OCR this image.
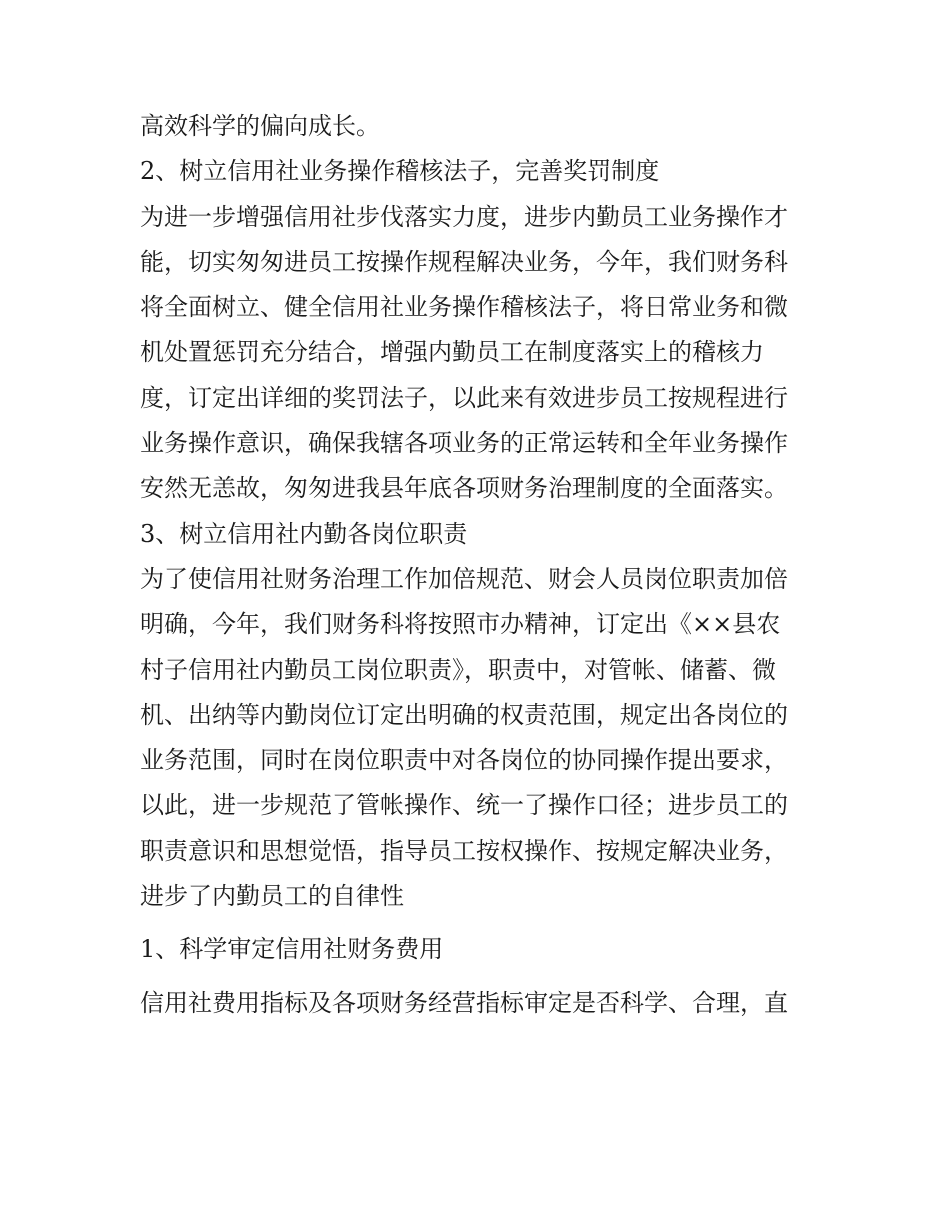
高效科学的偏向成长。
2、树立信用社业务操作稽核法子，完善奖罚制度
为进一步增强信用社步伐落实力度，进步内勤员工业务操作才
能，切实匆匆进员工按操作规程解决业务，今年，我们财务科
将全面树立、健全信用社业务操作稽核法子，将日常业务和微
机处置惩罚充分结合，增强内勤员工在制度落实上的稽核力
度，订定出详细的奖罚法子，以此来有效进步员工按规程进行
业务操作意识，确保我辖各项业务的正常运转和全年业务操作
安然无恙故，匆匆进我县年底各项财务治理制度的全面落实。
3、树立信用社内勤各岗位职责
为了使信用社财务治理工作加倍规范、财会人员岗位职责加倍
明确，今年，我们财务科将按照市办精神，订定出《××县农
村子信用社内勤员工岗位职责》，职责中，对管帐、储蓄、微
机、出纳等内勤岗位订定出明确的权责范围，规定出各岗位的
业务范围，同时在岗位职责中对各岗位的协同操作提出要求，
以此，进一步规范了管帐操作、统一了操作口径；进步员工的
职责意识和思想觉悟，指导员工按权操作、按规定解决业务，
进步了内勤员工的自律性
1、科学审定信用社财务费用
信用社费用指标及各项财务经营指标审定是否科学、合理，直
